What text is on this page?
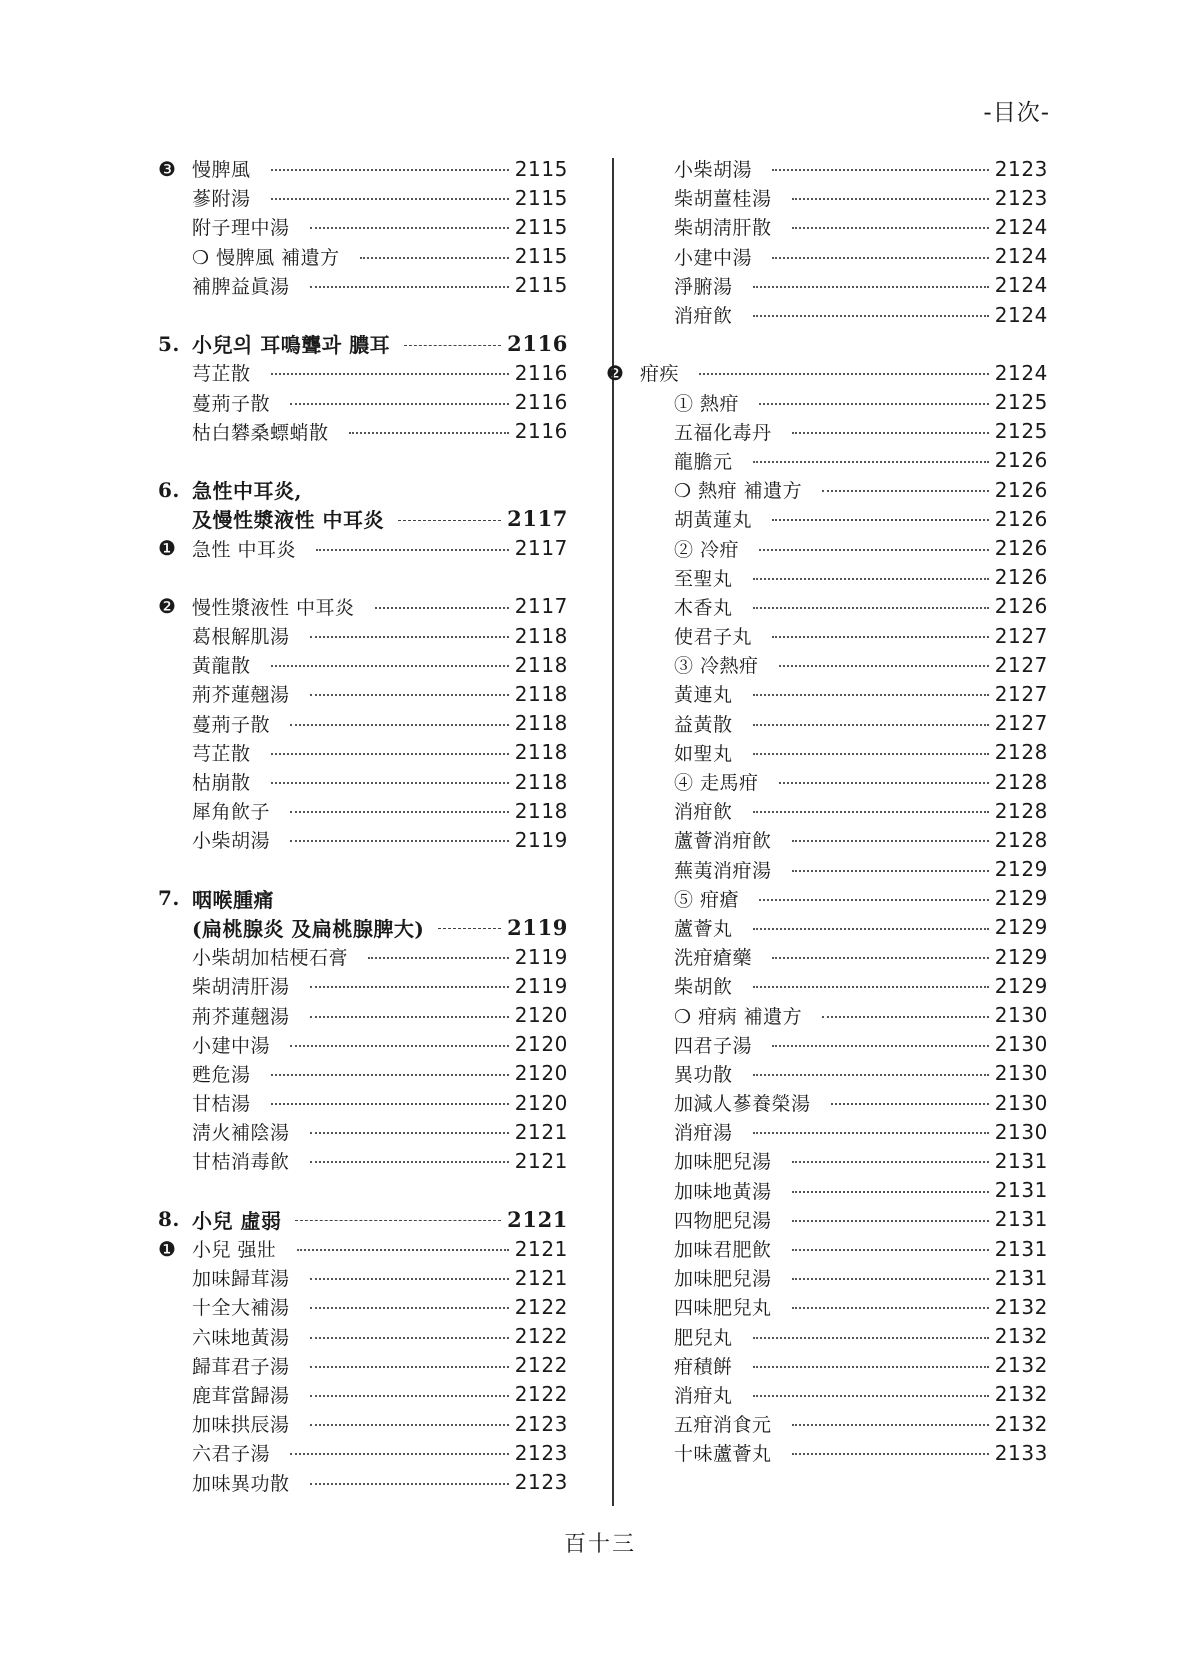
-目次-
❸ 慢脾風	2115
蔘附湯	2115
附子理中湯	2115
❍ 慢脾風 補遺方	2115
補脾益眞湯	2115
5. 小兒의 耳鳴聾과 膿耳	2116
芎芷散	2116
蔓荊子散	2116
枯白礬桑螵蛸散	2116
6. 急性中耳炎,
及慢性漿液性 中耳炎	2117
❶ 急性 中耳炎	2117
❷ 慢性漿液性 中耳炎	2117
葛根解肌湯	2118
黃龍散	2118
荊芥蓮翹湯	2118
蔓荊子散	2118
芎芷散	2118
枯崩散	2118
犀角飮子	2118
小柴胡湯	2119
7. 咽喉腫痛
(扁桃腺炎 及扁桃腺脾大)	2119
小柴胡加桔梗石膏	2119
柴胡淸肝湯	2119
荊芥蓮翹湯	2120
小建中湯	2120
甦危湯	2120
甘桔湯	2120
淸火補陰湯	2121
甘桔消毒飮	2121
8. 小兒 虛弱	2121
❶ 小兒 强壯	2121
加味歸茸湯	2121
十全大補湯	2122
六味地黃湯	2122
歸茸君子湯	2122
鹿茸當歸湯	2122
加味拱辰湯	2123
六君子湯	2123
加味異功散	2123
小柴胡湯	2123
柴胡薑桂湯	2123
柴胡淸肝散	2124
小建中湯	2124
淨腑湯	2124
消疳飮	2124
❷ 疳疾	2124
① 熱疳	2125
五福化毒丹	2125
龍膽元	2126
❍ 熱疳 補遺方	2126
胡黃蓮丸	2126
② 冷疳	2126
至聖丸	2126
木香丸	2126
使君子丸	2127
③ 冷熱疳	2127
黃連丸	2127
益黃散	2127
如聖丸	2128
④ 走馬疳	2128
消疳飮	2128
蘆薈消疳飮	2128
蕪荑消疳湯	2129
⑤ 疳瘡	2129
蘆薈丸	2129
洗疳瘡藥	2129
柴胡飮	2129
❍ 疳病 補遺方	2130
四君子湯	2130
異功散	2130
加減人蔘養榮湯	2130
消疳湯	2130
加味肥兒湯	2131
加味地黃湯	2131
四物肥兒湯	2131
加味君肥飮	2131
加味肥兒湯	2131
四味肥兒丸	2132
肥兒丸	2132
疳積餠	2132
消疳丸	2132
五疳消食元	2132
十味蘆薈丸	2133
百十三
